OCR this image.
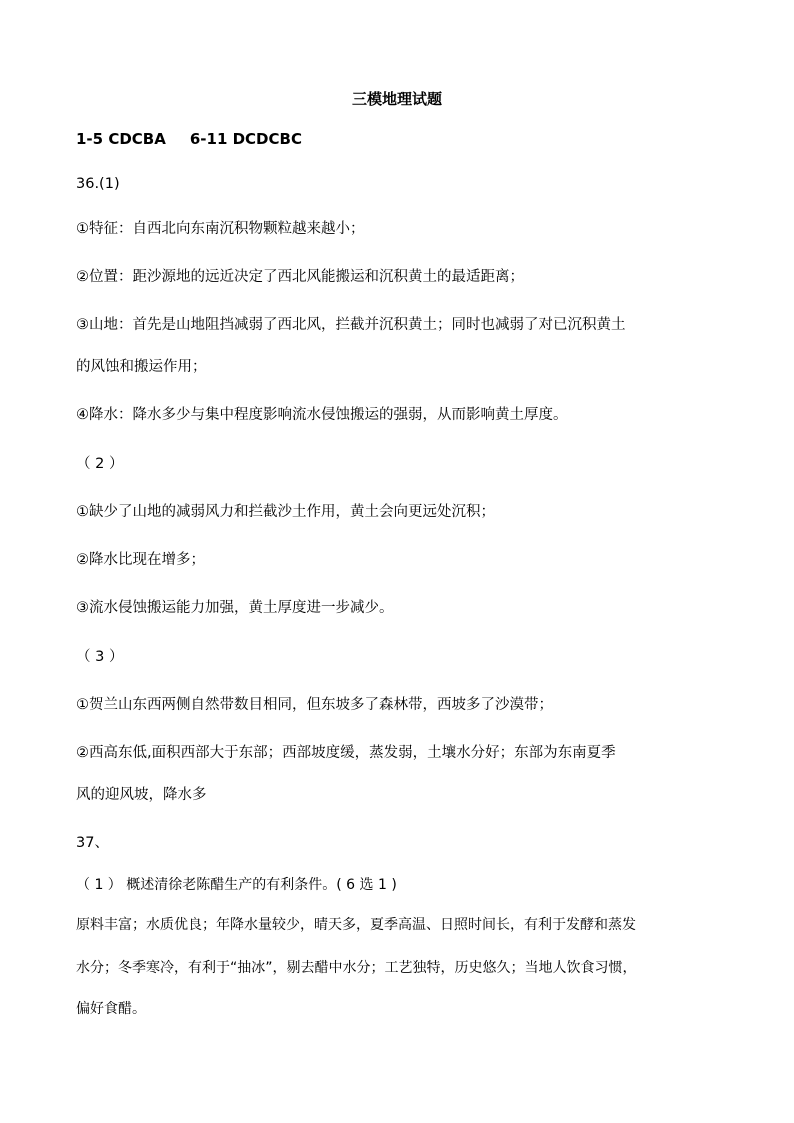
三模地理试题
1-5 CDCBA 6-11 DCDCBC
36.(1)
①特征：自西北向东南沉积物颗粒越来越小；
②位置：距沙源地的远近决定了西北风能搬运和沉积黄土的最适距离；
③山地：首先是山地阻挡减弱了西北风，拦截并沉积黄土；同时也减弱了对已沉积黄土
的风蚀和搬运作用；
④降水：降水多少与集中程度影响流水侵蚀搬运的强弱，从而影响黄土厚度。
（ 2 ）
①缺少了山地的减弱风力和拦截沙土作用，黄土会向更远处沉积；
②降水比现在增多；
③流水侵蚀搬运能力加强，黄土厚度进一步减少。
（ 3 ）
①贺兰山东西两侧自然带数目相同，但东坡多了森林带，西坡多了沙漠带；
②西高东低,面积西部大于东部；西部坡度缓，蒸发弱，土壤水分好；东部为东南夏季
风的迎风坡，降水多
37、
（ 1 ） 概述清徐老陈醋生产的有利条件。( 6 选 1 )
原料丰富；水质优良；年降水量较少，晴天多，夏季高温、日照时间长，有利于发酵和蒸发
水分；冬季寒冷，有利于“抽冰”，剔去醋中水分；工艺独特，历史悠久；当地人饮食习惯，
偏好食醋。
